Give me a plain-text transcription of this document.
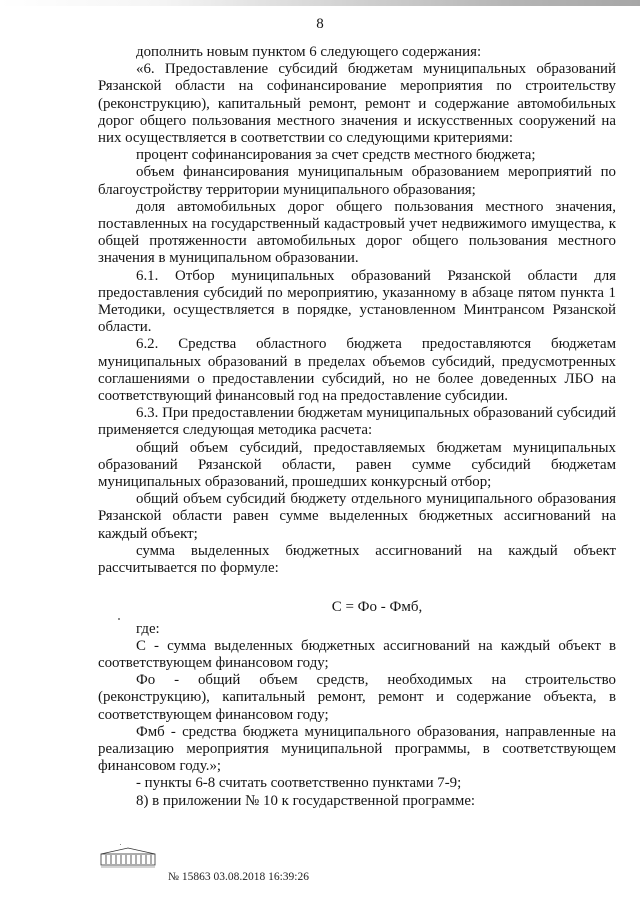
8

дополнить новым пунктом 6 следующего содержания:

«6. Предоставление субсидий бюджетам муниципальных образований Рязанской области на софинансирование мероприятия по строительству (реконструкцию), капитальный ремонт, ремонт и содержание автомобильных дорог общего пользования местного значения и искусственных сооружений на них осуществляется в соответствии со следующими критериями:

процент софинансирования за счет средств местного бюджета;

объем финансирования муниципальным образованием мероприятий по благоустройству территории муниципального образования;

доля автомобильных дорог общего пользования местного значения, поставленных на государственный кадастровый учет недвижимого имущества, к общей протяженности автомобильных дорог общего пользования местного значения в муниципальном образовании.

6.1. Отбор муниципальных образований Рязанской области для предоставления субсидий по мероприятию, указанному в абзаце пятом пункта 1 Методики, осуществляется в порядке, установленном Минтрансом Рязанской области.

6.2. Средства областного бюджета предоставляются бюджетам муниципальных образований в пределах объемов субсидий, предусмотренных соглашениями о предоставлении субсидий, но не более доведенных ЛБО на соответствующий финансовый год на предоставление субсидии.

6.3. При предоставлении бюджетам муниципальных образований субсидий применяется следующая методика расчета:

общий объем субсидий, предоставляемых бюджетам муниципальных образований Рязанской области, равен сумме субсидий бюджетам муниципальных образований, прошедших конкурсный отбор;

общий объем субсидий бюджету отдельного муниципального образования Рязанской области равен сумме выделенных бюджетных ассигнований на каждый объект;

сумма выделенных бюджетных ассигнований на каждый объект рассчитывается по формуле:

С = Фо - Фмб,

где:

С - сумма выделенных бюджетных ассигнований на каждый объект в соответствующем финансовом году;

Фо - общий объем средств, необходимых на строительство (реконструкцию), капитальный ремонт, ремонт и содержание объекта, в соответствующем финансовом году;

Фмб - средства бюджета муниципального образования, направленные на реализацию мероприятия муниципальной программы, в соответствующем финансовом году.»;

- пункты 6-8 считать соответственно пунктами 7-9;

8) в приложении № 10 к государственной программе:

№ 15863 03.08.2018 16:39:26
